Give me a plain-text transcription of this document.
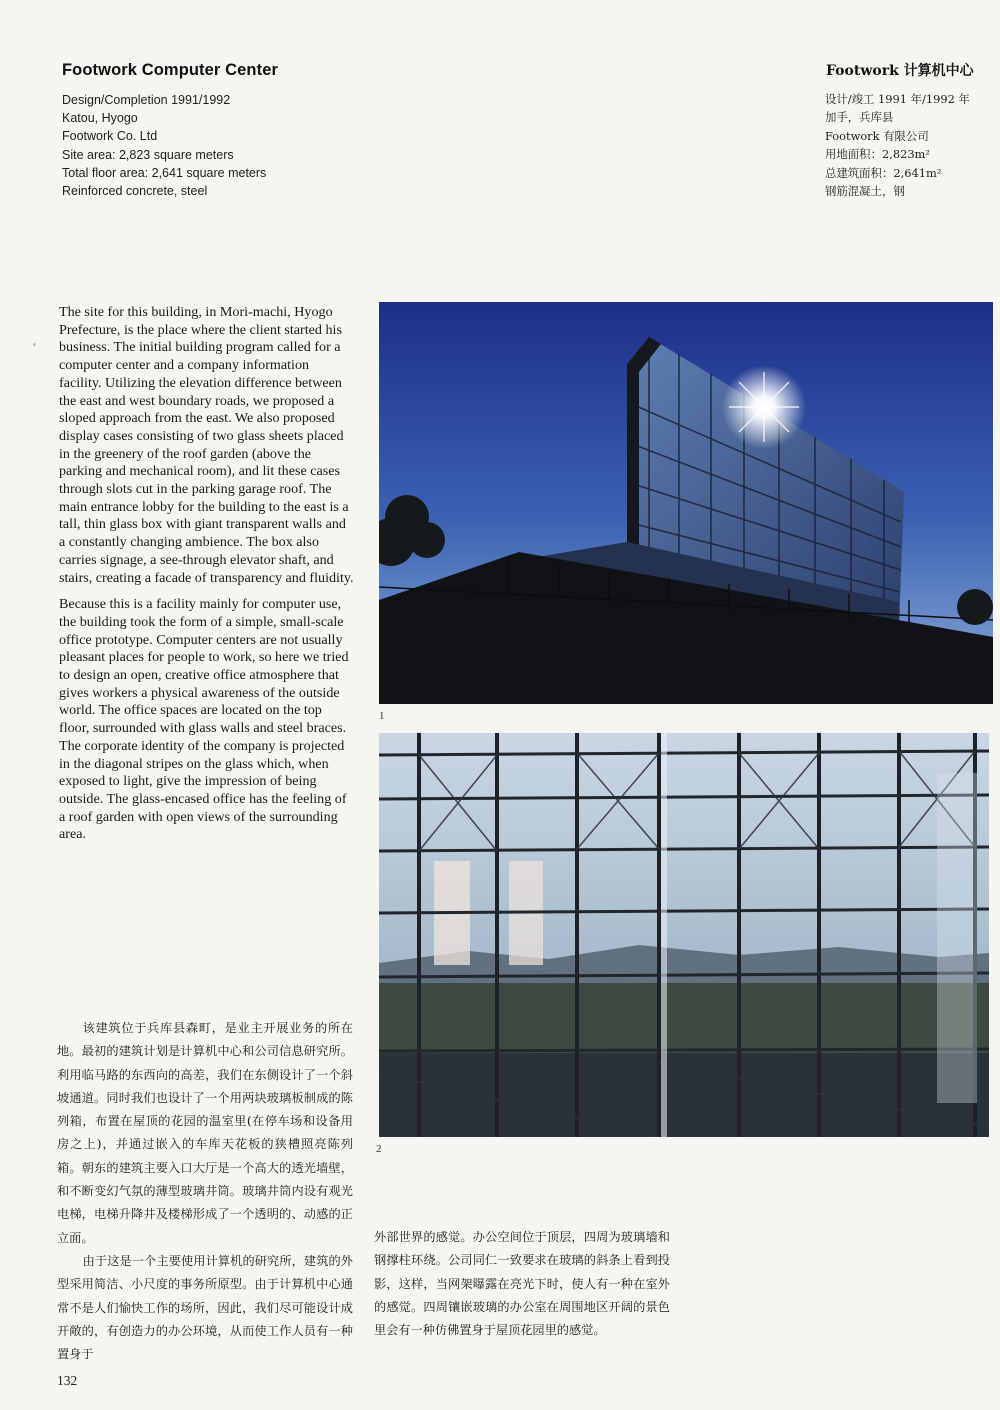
Footwork Computer Center
Design/Completion 1991/1992
Katou, Hyogo
Footwork Co. Ltd
Site area: 2,823 square meters
Total floor area: 2,641 square meters
Reinforced concrete, steel
Footwork 计算机中心
设计/竣工 1991 年/1992 年
加手，兵库县
Footwork 有限公司
用地面积：2,823m²
总建筑面积：2,641m²
钢筋混凝土，钢

The site for this building, in Mori-machi, Hyogo Prefecture, is the place where the client started his business. The initial building program called for a computer center and a company information facility. Utilizing the elevation difference between the east and west boundary roads, we proposed a sloped approach from the east. We also proposed display cases consisting of two glass sheets placed in the greenery of the roof garden (above the parking and mechanical room), and lit these cases through slots cut in the parking garage roof. The main entrance lobby for the building to the east is a tall, thin glass box with giant transparent walls and a constantly changing ambience. The box also carries signage, a see-through elevator shaft, and stairs, creating a facade of transparency and fluidity.

Because this is a facility mainly for computer use, the building took the form of a simple, small-scale office prototype. Computer centers are not usually pleasant places for people to work, so here we tried to design an open, creative office atmosphere that gives workers a physical awareness of the outside world. The office spaces are located on the top floor, surrounded with glass walls and steel braces. The corporate identity of the company is projected in the diagonal stripes on the glass which, when exposed to light, give the impression of being outside. The glass-encased office has the feeling of a roof garden with open views of the surrounding area.

1
2

该建筑位于兵库县森町，是业主开展业务的所在地。最初的建筑计划是计算机中心和公司信息研究所。利用临马路的东西向的高差，我们在东侧设计了一个斜坡通道。同时我们也设计了一个用两块玻璃板制成的陈列箱，布置在屋顶的花园的温室里(在停车场和设备用房之上)，并通过嵌入的车库天花板的狭槽照亮陈列箱。朝东的建筑主要入口大厅是一个高大的透光墙壁，和不断变幻气氛的薄型玻璃井筒。玻璃井筒内设有观光电梯，电梯升降井及楼梯形成了一个透明的、动感的正立面。

由于这是一个主要使用计算机的研究所，建筑的外型采用简洁、小尺度的事务所原型。由于计算机中心通常不是人们愉快工作的场所，因此，我们尽可能设计成开敞的，有创造力的办公环境，从而使工作人员有一种置身于

外部世界的感觉。办公空间位于顶层，四周为玻璃墙和钢撑柱环绕。公司同仁一致要求在玻璃的斜条上看到投影，这样，当网架曝露在亮光下时，使人有一种在室外的感觉。四周镶嵌玻璃的办公室在周围地区开阔的景色里会有一种仿佛置身于屋顶花园里的感觉。

132
